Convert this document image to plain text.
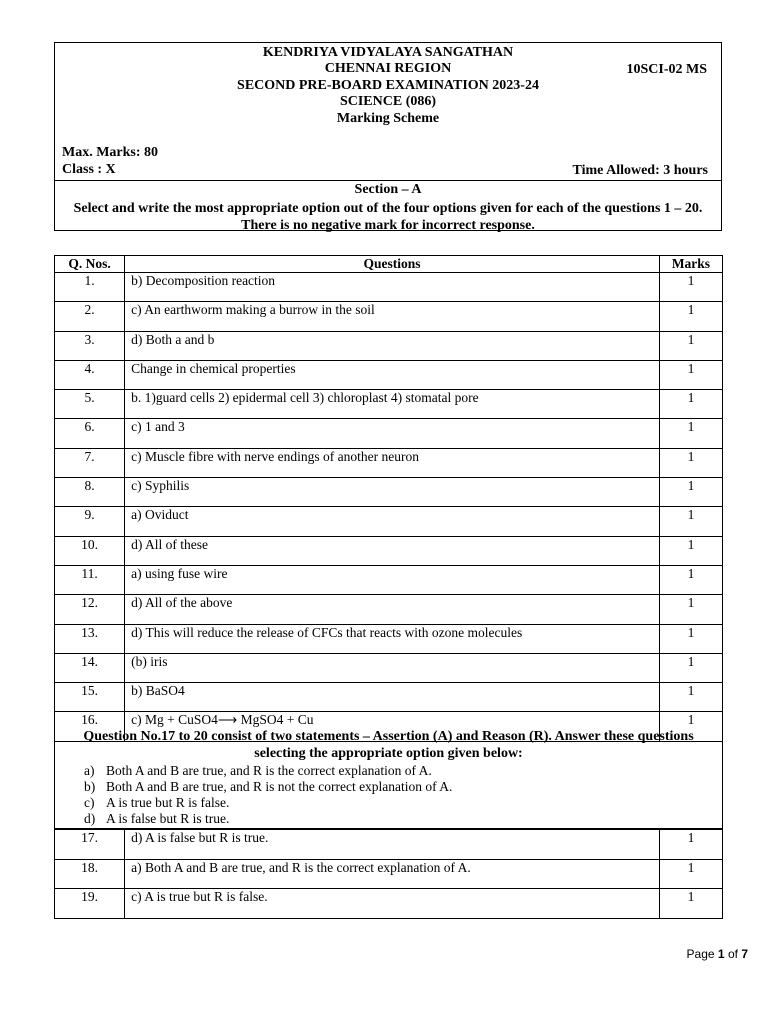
KENDRIYA VIDYALAYA SANGATHAN
CHENNAI REGION	10SCI-02 MS
SECOND PRE-BOARD EXAMINATION 2023-24
SCIENCE (086)
Marking Scheme
Max. Marks: 80
Class : X	Time Allowed: 3 hours
Section – A
Select and write the most appropriate option out of the four options given for each of the questions 1 – 20. There is no negative mark for incorrect response.
Q. Nos.	Questions	Marks
1.	b) Decomposition reaction	1
2.	c) An earthworm making a burrow in the soil	1
3.	d) Both a and b	1
4.	Change in chemical properties	1
5.	b. 1)guard cells 2) epidermal cell 3) chloroplast 4) stomatal pore	1
6.	c) 1 and 3	1
7.	c) Muscle fibre with nerve endings of another neuron	1
8.	c) Syphilis	1
9.	a) Oviduct	1
10.	d) All of these	1
11.	a) using fuse wire	1
12.	d) All of the above	1
13.	d) This will reduce the release of CFCs that reacts with ozone molecules	1
14.	(b) iris	1
15.	b) BaSO4	1
16.	c) Mg + CuSO4⟶ MgSO4 + Cu	1
Question No.17 to 20 consist of two statements – Assertion (A) and Reason (R). Answer these questions selecting the appropriate option given below:
a) Both A and B are true, and R is the correct explanation of A.
b) Both A and B are true, and R is not the correct explanation of A.
c) A is true but R is false.
d) A is false but R is true.
17.	d) A is false but R is true.	1
18.	a) Both A and B are true, and R is the correct explanation of A.	1
19.	c) A is true but R is false.	1
Page 1 of 7
